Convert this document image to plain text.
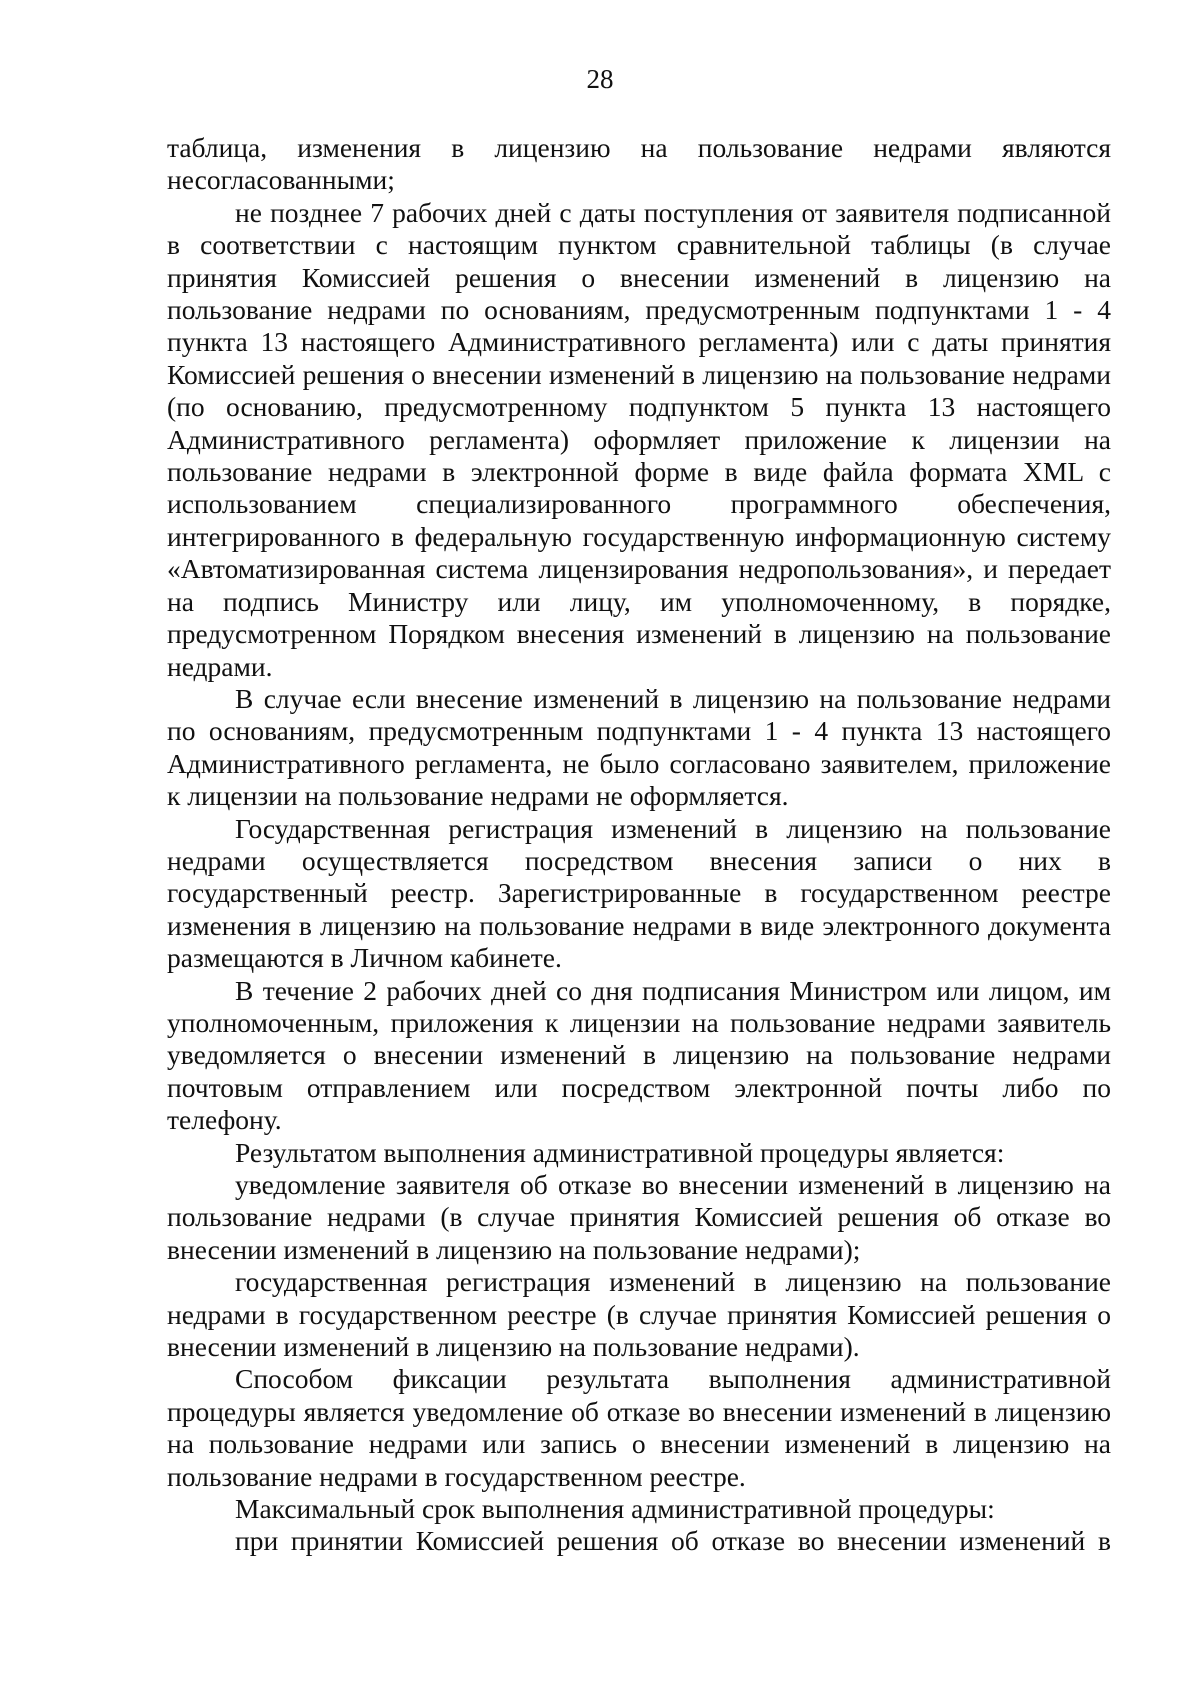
28

таблица, изменения в лицензию на пользование недрами являются несогласованными;

не позднее 7 рабочих дней с даты поступления от заявителя подписанной в соответствии с настоящим пунктом сравнительной таблицы (в случае принятия Комиссией решения о внесении изменений в лицензию на пользование недрами по основаниям, предусмотренным подпунктами 1 - 4 пункта 13 настоящего Административного регламента) или с даты принятия Комиссией решения о внесении изменений в лицензию на пользование недрами (по основанию, предусмотренному подпунктом 5 пункта 13 настоящего Административного регламента) оформляет приложение к лицензии на пользование недрами в электронной форме в виде файла формата XML с использованием специализированного программного обеспечения, интегрированного в федеральную государственную информационную систему «Автоматизированная система лицензирования недропользования», и передает на подпись Министру или лицу, им уполномоченному, в порядке, предусмотренном Порядком внесения изменений в лицензию на пользование недрами.

В случае если внесение изменений в лицензию на пользование недрами по основаниям, предусмотренным подпунктами 1 - 4 пункта 13 настоящего Административного регламента, не было согласовано заявителем, приложение к лицензии на пользование недрами не оформляется.

Государственная регистрация изменений в лицензию на пользование недрами осуществляется посредством внесения записи о них в государственный реестр. Зарегистрированные в государственном реестре изменения в лицензию на пользование недрами в виде электронного документа размещаются в Личном кабинете.

В течение 2 рабочих дней со дня подписания Министром или лицом, им уполномоченным, приложения к лицензии на пользование недрами заявитель уведомляется о внесении изменений в лицензию на пользование недрами почтовым отправлением или посредством электронной почты либо по телефону.

Результатом выполнения административной процедуры является:

уведомление заявителя об отказе во внесении изменений в лицензию на пользование недрами (в случае принятия Комиссией решения об отказе во внесении изменений в лицензию на пользование недрами);

государственная регистрация изменений в лицензию на пользование недрами в государственном реестре (в случае принятия Комиссией решения о внесении изменений в лицензию на пользование недрами).

Способом фиксации результата выполнения административной процедуры является уведомление об отказе во внесении изменений в лицензию на пользование недрами или запись о внесении изменений в лицензию на пользование недрами в государственном реестре.

Максимальный срок выполнения административной процедуры:

при принятии Комиссией решения об отказе во внесении изменений в
